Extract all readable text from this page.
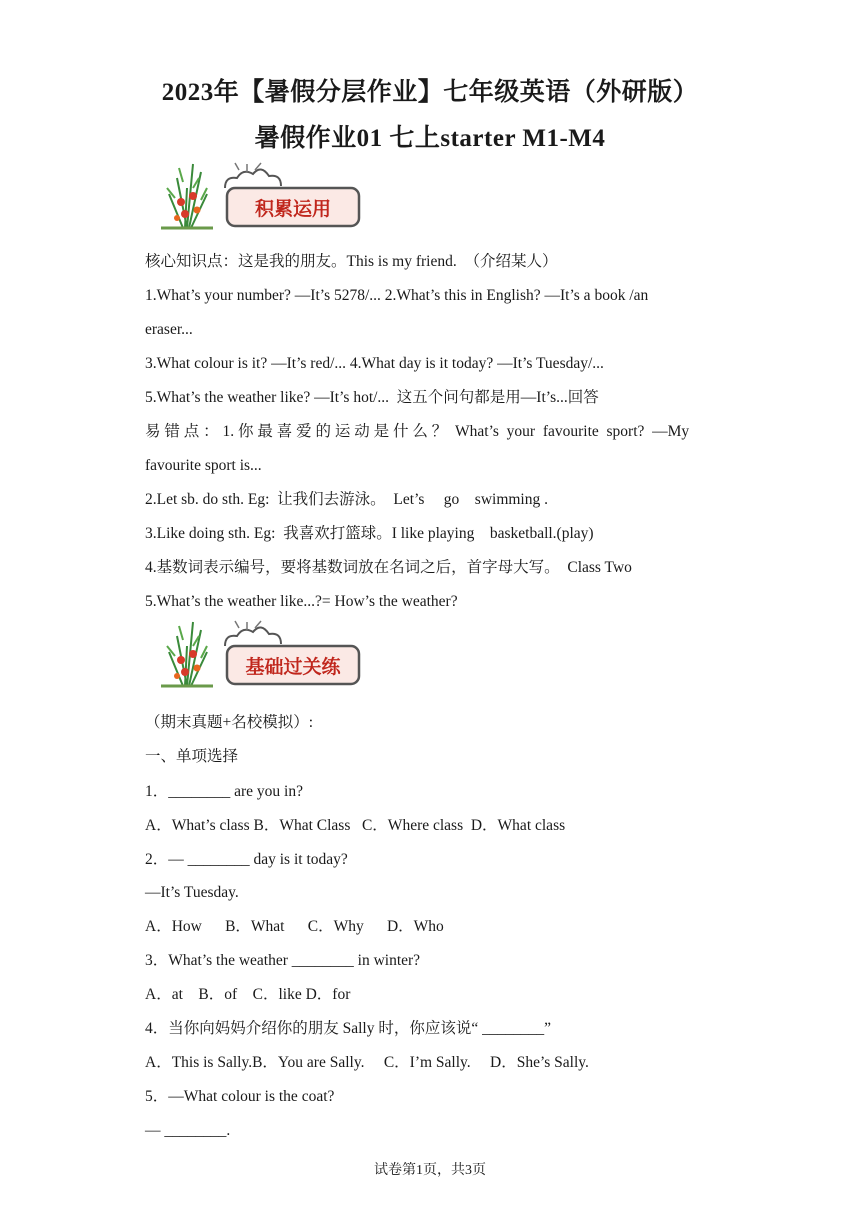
2023年【暑假分层作业】七年级英语（外研版）
暑假作业01 七上starter M1-M4
积累运用

核心知识点：这是我的朋友。This is my friend.  （介绍某人）

1.What’s your number? —It’s 5278/... 2.What’s this in English? —It’s a book /an

eraser...

3.What colour is it? —It’s red/... 4.What day is it today? —It’s Tuesday/...

5.What’s the weather like? —It’s hot/...  这五个问句都是用—It’s...回答

易 错 点 ： 1. 你 最 喜 爱 的 运 动 是 什 么 ？  What’s  your  favourite  sport?  —My

favourite sport is...

2.Let sb. do sth. Eg:  让我们去游泳。  Let’s     go    swimming .

3.Like doing sth. Eg:  我喜欢打篮球。I like playing    basketball.(play)

4.基数词表示编号，要将基数词放在名词之后，首字母大写。  Class Two

5.What’s the weather like...?= How’s the weather?

基础过关练

（期末真题+名校模拟）:

一、单项选择

1．________ are you in?

A．What’s class B．What Class   C．Where class  D．What class

2．— ________ day is it today?

—It’s Tuesday.

A．How      B．What      C．Why      D．Who

3．What’s the weather ________ in winter?

A．at    B．of    C．like D．for

4．当你向妈妈介绍你的朋友 Sally 时，你应该说“ ________”

A．This is Sally.B．You are Sally.     C．I’m Sally.     D．She’s Sally.

5．—What colour is the coat?

— ________.

试卷第1页，共3页
